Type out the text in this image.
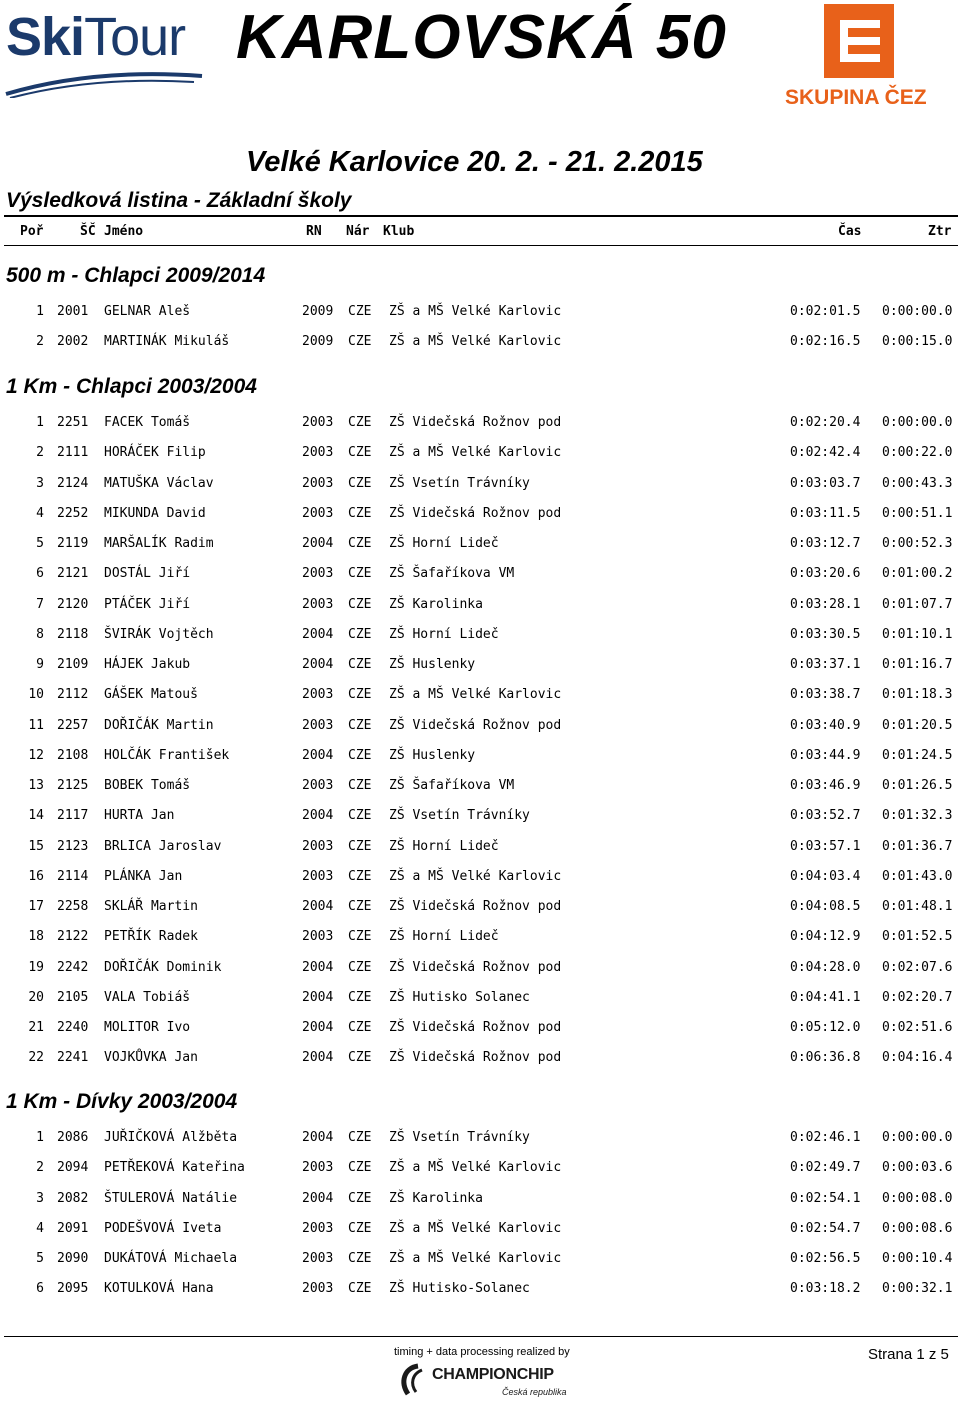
SkiTour KARLOVSKÁ 50
SKUPINA ČEZ
Velké Karlovice 20. 2. - 21. 2.2015
Výsledková listina - Základní školy
Poř	ŠČ Jméno	RN Nár Klub	Čas	Ztr
500 m - Chlapci 2009/2014
1 2001 GELNAR Aleš	2009 CZE ZŠ a MŠ Velké Karlovic	0:02:01.5 0:00:00.0
2 2002 MARTINÁK Mikuláš	2009 CZE ZŠ a MŠ Velké Karlovic	0:02:16.5 0:00:15.0
1 Km - Chlapci 2003/2004
1 2251 FACEK Tomáš	2003 CZE ZŠ Videčská Rožnov pod	0:02:20.4 0:00:00.0
2 2111 HORÁČEK Filip	2003 CZE ZŠ a MŠ Velké Karlovic	0:02:42.4 0:00:22.0
3 2124 MATUŠKA Václav	2003 CZE ZŠ Vsetín Trávníky	0:03:03.7 0:00:43.3
4 2252 MIKUNDA David	2003 CZE ZŠ Videčská Rožnov pod	0:03:11.5 0:00:51.1
5 2119 MARŠALÍK Radim	2004 CZE ZŠ Horní Lideč	0:03:12.7 0:00:52.3
6 2121 DOSTÁL Jiří	2003 CZE ZŠ Šafaříkova VM	0:03:20.6 0:01:00.2
7 2120 PTÁČEK Jiří	2003 CZE ZŠ Karolinka	0:03:28.1 0:01:07.7
8 2118 ŠVIRÁK Vojtěch	2004 CZE ZŠ Horní Lideč	0:03:30.5 0:01:10.1
9 2109 HÁJEK Jakub	2004 CZE ZŠ Huslenky	0:03:37.1 0:01:16.7
10 2112 GÁŠEK Matouš	2003 CZE ZŠ a MŠ Velké Karlovic	0:03:38.7 0:01:18.3
11 2257 DOŘIČÁK Martin	2003 CZE ZŠ Videčská Rožnov pod	0:03:40.9 0:01:20.5
12 2108 HOLČÁK František	2004 CZE ZŠ Huslenky	0:03:44.9 0:01:24.5
13 2125 BOBEK Tomáš	2003 CZE ZŠ Šafaříkova VM	0:03:46.9 0:01:26.5
14 2117 HURTA Jan	2004 CZE ZŠ Vsetín Trávníky	0:03:52.7 0:01:32.3
15 2123 BRLICA Jaroslav	2003 CZE ZŠ Horní Lideč	0:03:57.1 0:01:36.7
16 2114 PLÁNKA Jan	2003 CZE ZŠ a MŠ Velké Karlovic	0:04:03.4 0:01:43.0
17 2258 SKLÁŘ Martin	2004 CZE ZŠ Videčská Rožnov pod	0:04:08.5 0:01:48.1
18 2122 PETŘÍK Radek	2003 CZE ZŠ Horní Lideč	0:04:12.9 0:01:52.5
19 2242 DOŘIČÁK Dominik	2004 CZE ZŠ Videčská Rožnov pod	0:04:28.0 0:02:07.6
20 2105 VALA Tobiáš	2004 CZE ZŠ Hutisko Solanec	0:04:41.1 0:02:20.7
21 2240 MOLITOR Ivo	2004 CZE ZŠ Videčská Rožnov pod	0:05:12.0 0:02:51.6
22 2241 VOJKŮVKA Jan	2004 CZE ZŠ Videčská Rožnov pod	0:06:36.8 0:04:16.4
1 Km - Dívky 2003/2004
1 2086 JUŘIČKOVÁ Alžběta	2004 CZE ZŠ Vsetín Trávníky	0:02:46.1 0:00:00.0
2 2094 PETŘEKOVÁ Kateřina	2003 CZE ZŠ a MŠ Velké Karlovic	0:02:49.7 0:00:03.6
3 2082 ŠTULEROVÁ Natálie	2004 CZE ZŠ Karolinka	0:02:54.1 0:00:08.0
4 2091 PODEŠVOVÁ Iveta	2003 CZE ZŠ a MŠ Velké Karlovic	0:02:54.7 0:00:08.6
5 2090 DUKÁTOVÁ Michaela	2003 CZE ZŠ a MŠ Velké Karlovic	0:02:56.5 0:00:10.4
6 2095 KOTULKOVÁ Hana	2003 CZE ZŠ Hutisko-Solanec	0:03:18.2 0:00:32.1
timing + data processing realized by
CHAMPIONCHIP
Česká republika
Strana 1 z 5
